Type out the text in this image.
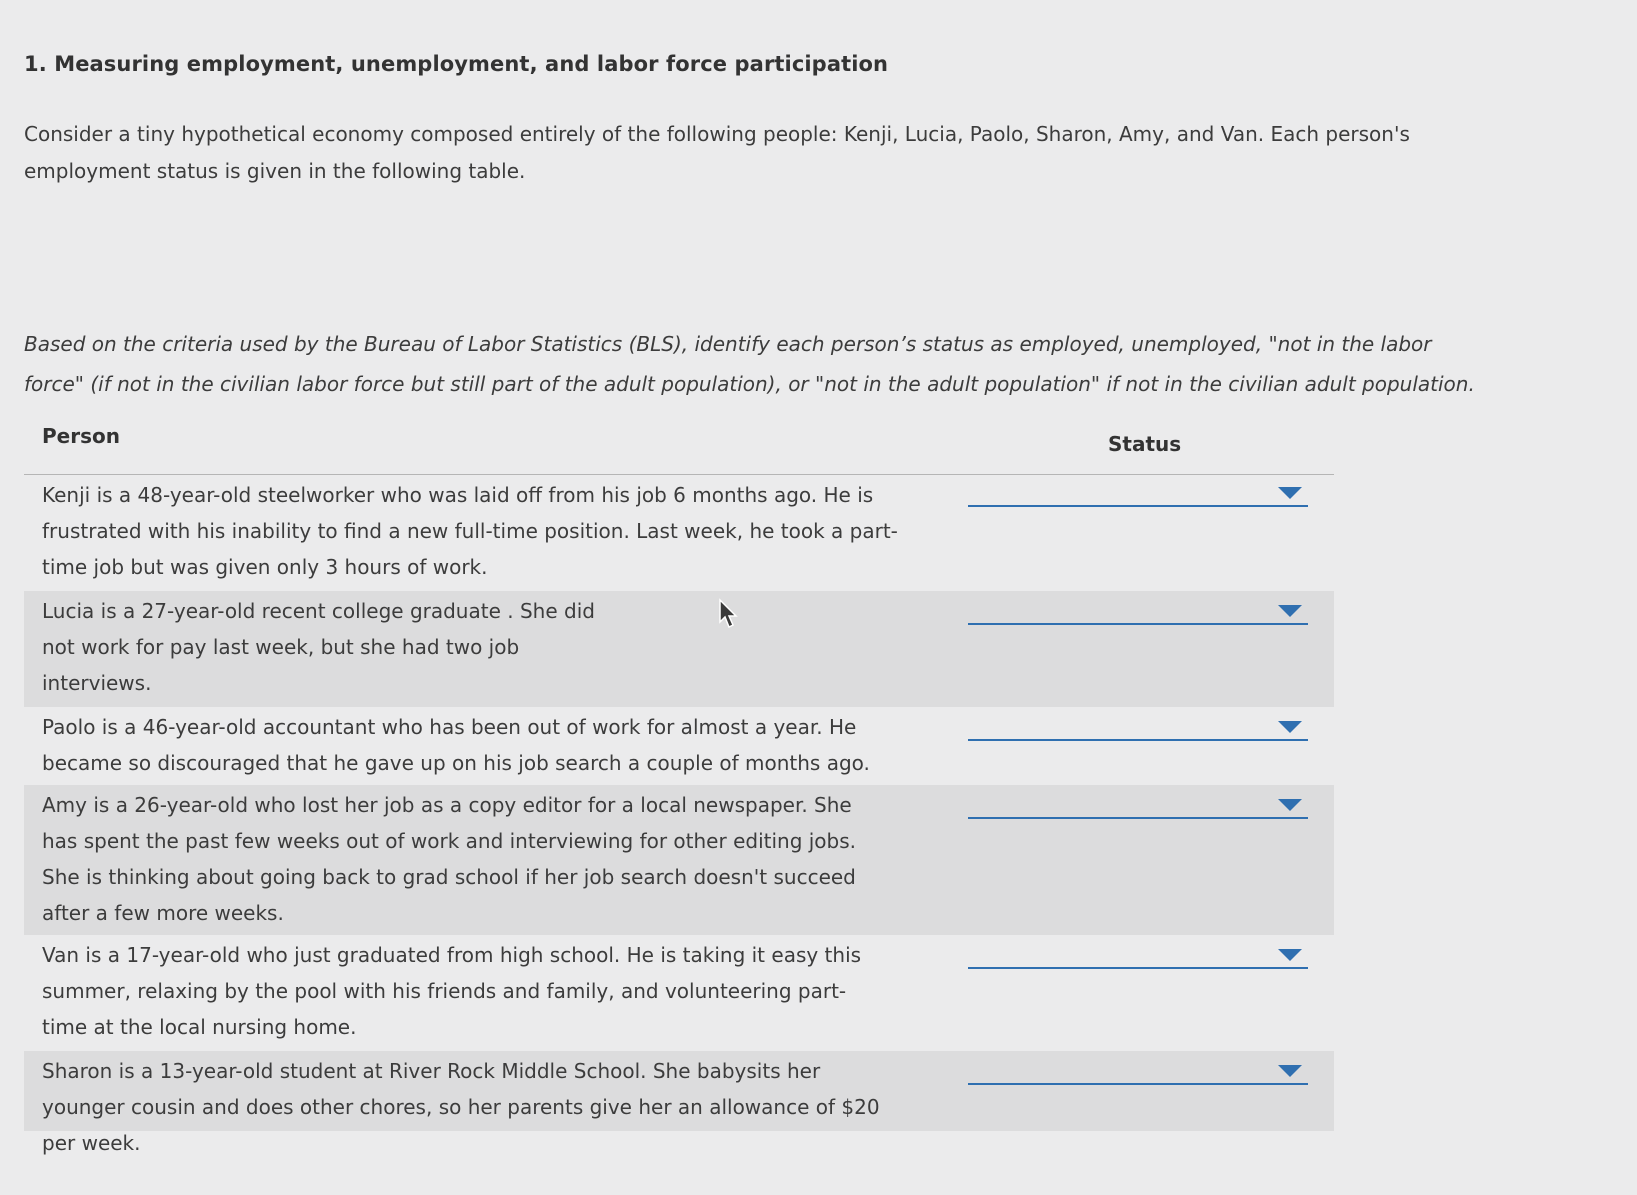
1. Measuring employment, unemployment, and labor force participation
Consider a tiny hypothetical economy composed entirely of the following people: Kenji, Lucia, Paolo, Sharon, Amy, and Van. Each person's employment status is given in the following table.
Based on the criteria used by the Bureau of Labor Statistics (BLS), identify each person’s status as employed, unemployed, "not in the labor force" (if not in the civilian labor force but still part of the adult population), or "not in the adult population" if not in the civilian adult population.
Person	Status
Kenji is a 48-year-old steelworker who was laid off from his job 6 months ago. He is frustrated with his inability to find a new full-time position. Last week, he took a part-time job but was given only 3 hours of work.
Lucia is a 27-year-old recent college graduate . She did not work for pay last week, but she had two job interviews.
Paolo is a 46-year-old accountant who has been out of work for almost a year. He became so discouraged that he gave up on his job search a couple of months ago.
Amy is a 26-year-old who lost her job as a copy editor for a local newspaper. She has spent the past few weeks out of work and interviewing for other editing jobs. She is thinking about going back to grad school if her job search doesn't succeed after a few more weeks.
Van is a 17-year-old who just graduated from high school. He is taking it easy this summer, relaxing by the pool with his friends and family, and volunteering part-time at the local nursing home.
Sharon is a 13-year-old student at River Rock Middle School. She babysits her younger cousin and does other chores, so her parents give her an allowance of $20 per week.
